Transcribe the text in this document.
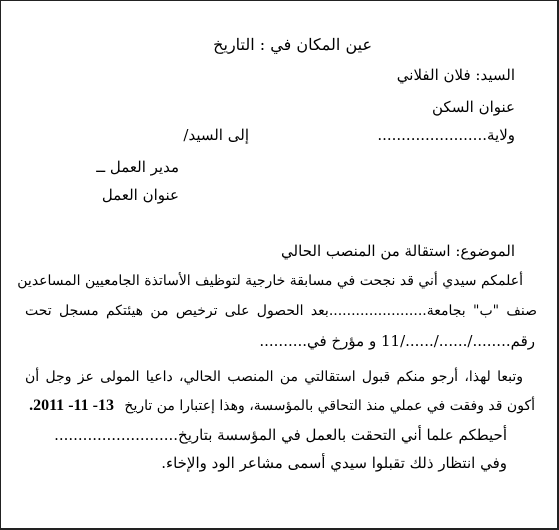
عين المكان في : التاريخ
السيد: فلان الفلاني
عنوان السكن
ولاية.......................
إلى السيد/
مدير العمل ــ
عنوان العمل
الموضوع: استقالة من المنصب الحالي
أعلمكم سيدي أني قد نجحت في مسابقة خارجية لتوظيف الأساتذة الجامعيين المساعدين
صنف "ب" بجامعة......................بعد الحصول على ترخيص من هيئتكم مسجل تحت
رقم......../....../....../11 و مؤرخ في..........
وتبعا لهذا، أرجو منكم قبول استقالتي من المنصب الحالي، داعيا المولى عز وجل أن
أكون قد وفقت في عملي منذ التحاقي بالمؤسسة، وهذا إعتبارا من تاريخ 13- 11- 2011.
أحيطكم علما أني التحقت بالعمل في المؤسسة بتاريخ..........................
وفي انتظار ذلك تقبلوا سيدي أسمى مشاعر الود والإخاء.
